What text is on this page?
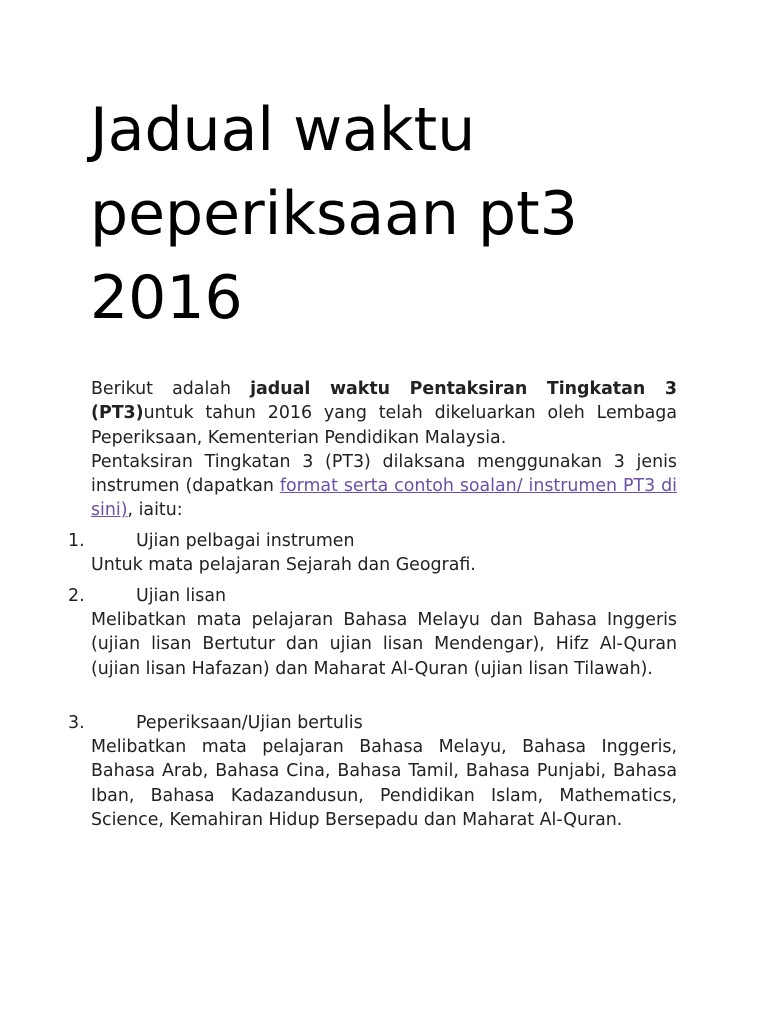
Jadual waktu peperiksaan pt3 2016

Berikut adalah jadual waktu Pentaksiran Tingkatan 3 (PT3)untuk tahun 2016 yang telah dikeluarkan oleh Lembaga Peperiksaan, Kementerian Pendidikan Malaysia.
Pentaksiran Tingkatan 3 (PT3) dilaksana menggunakan 3 jenis instrumen (dapatkan format serta contoh soalan/ instrumen PT3 di sini), iaitu:

1.	Ujian pelbagai instrumen

Untuk mata pelajaran Sejarah dan Geografi.

2.	Ujian lisan

Melibatkan mata pelajaran Bahasa Melayu dan Bahasa Inggeris (ujian lisan Bertutur dan ujian lisan Mendengar), Hifz Al-Quran (ujian lisan Hafazan) dan Maharat Al-Quran (ujian lisan Tilawah).

3.	Peperiksaan/Ujian bertulis

Melibatkan mata pelajaran Bahasa Melayu, Bahasa Inggeris, Bahasa Arab, Bahasa Cina, Bahasa Tamil, Bahasa Punjabi, Bahasa Iban, Bahasa Kadazandusun, Pendidikan Islam, Mathematics, Science, Kemahiran Hidup Bersepadu dan Maharat Al-Quran.
